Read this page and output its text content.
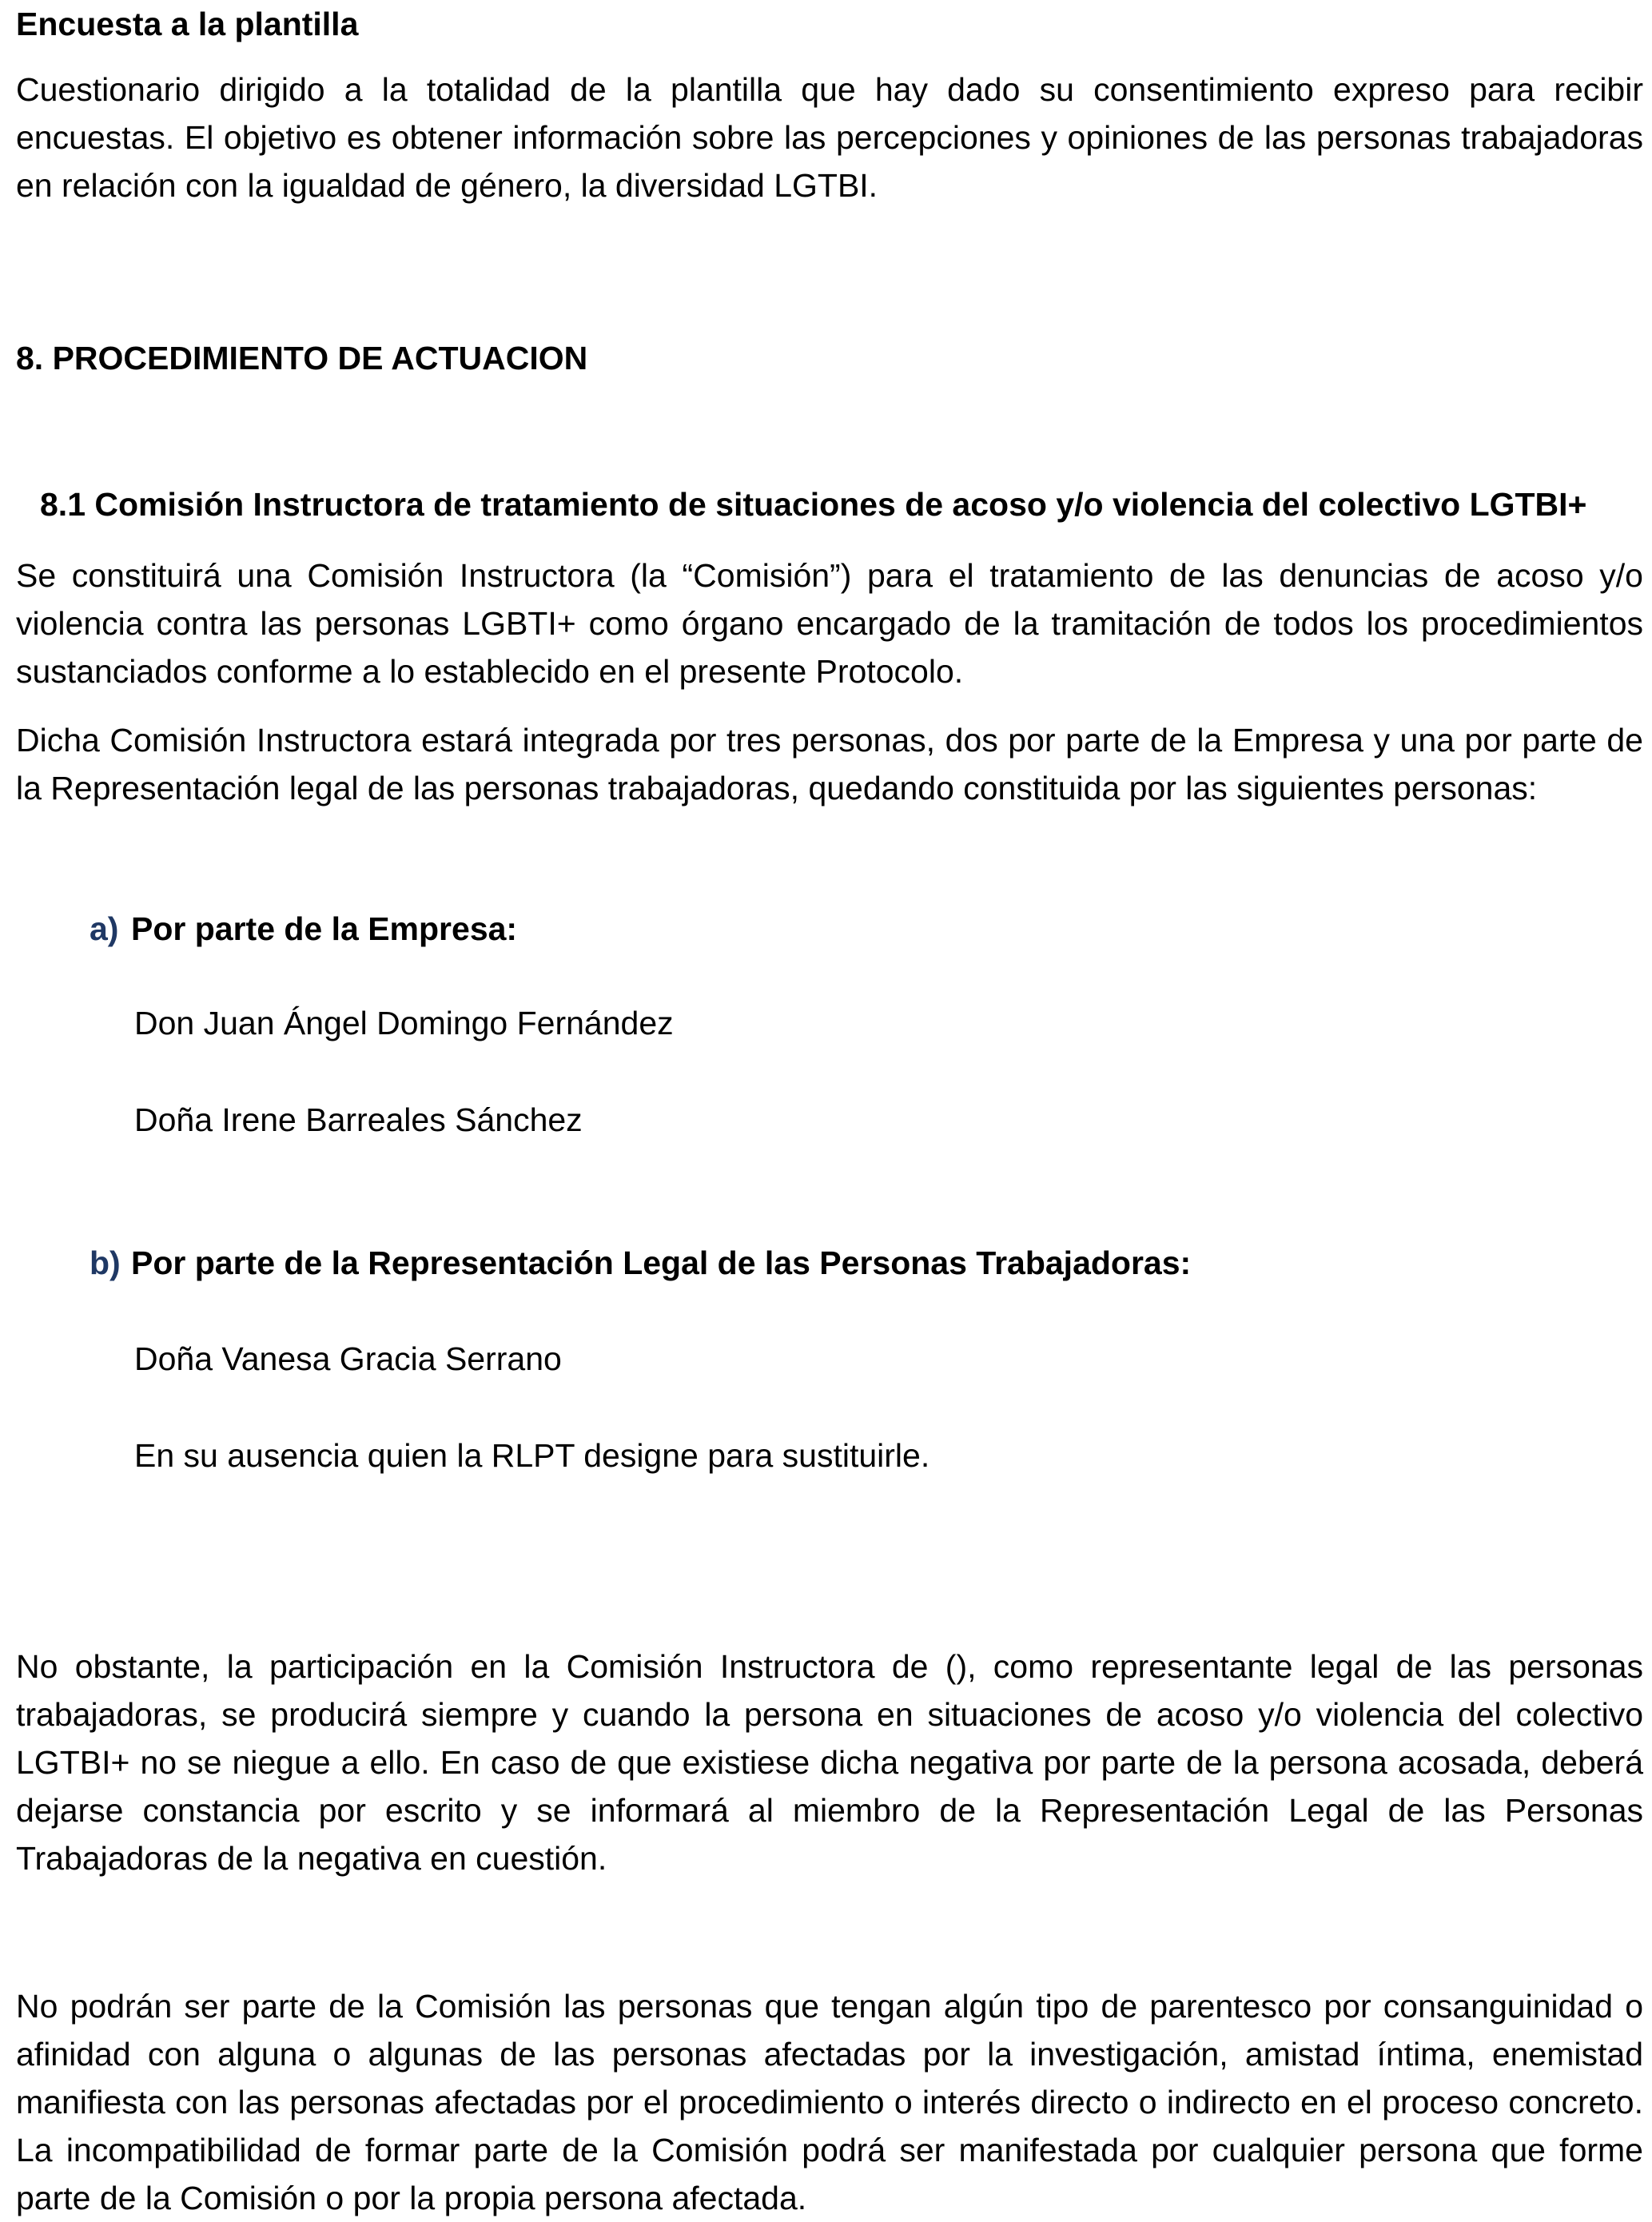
Encuesta a la plantilla

Cuestionario dirigido a la totalidad de la plantilla que hay dado su consentimiento expreso para recibir encuestas. El objetivo es obtener información sobre las percepciones y opiniones de las personas trabajadoras en relación con la igualdad de género, la diversidad LGTBI.

8. PROCEDIMIENTO DE ACTUACION

8.1 Comisión Instructora de tratamiento de situaciones de acoso y/o violencia del colectivo LGTBI+

Se constituirá una Comisión Instructora (la “Comisión”) para el tratamiento de las denuncias de acoso y/o violencia contra las personas LGBTI+ como órgano encargado de la tramitación de todos los procedimientos sustanciados conforme a lo establecido en el presente Protocolo.

Dicha Comisión Instructora estará integrada por tres personas, dos por parte de la Empresa y una por parte de la Representación legal de las personas trabajadoras, quedando constituida por las siguientes personas:

a) Por parte de la Empresa:

Don Juan Ángel Domingo Fernández

Doña Irene Barreales Sánchez

b) Por parte de la Representación Legal de las Personas Trabajadoras:

Doña Vanesa Gracia Serrano

En su ausencia quien la RLPT designe para sustituirle.

No obstante, la participación en la Comisión Instructora de (), como representante legal de las personas trabajadoras, se producirá siempre y cuando la persona en situaciones de acoso y/o violencia del colectivo LGTBI+ no se niegue a ello. En caso de que existiese dicha negativa por parte de la persona acosada, deberá dejarse constancia por escrito y se informará al miembro de la Representación Legal de las Personas Trabajadoras de la negativa en cuestión.

No podrán ser parte de la Comisión las personas que tengan algún tipo de parentesco por consanguinidad o afinidad con alguna o algunas de las personas afectadas por la investigación, amistad íntima, enemistad manifiesta con las personas afectadas por el procedimiento o interés directo o indirecto en el proceso concreto. La incompatibilidad de formar parte de la Comisión podrá ser manifestada por cualquier persona que forme parte de la Comisión o por la propia persona afectada.
